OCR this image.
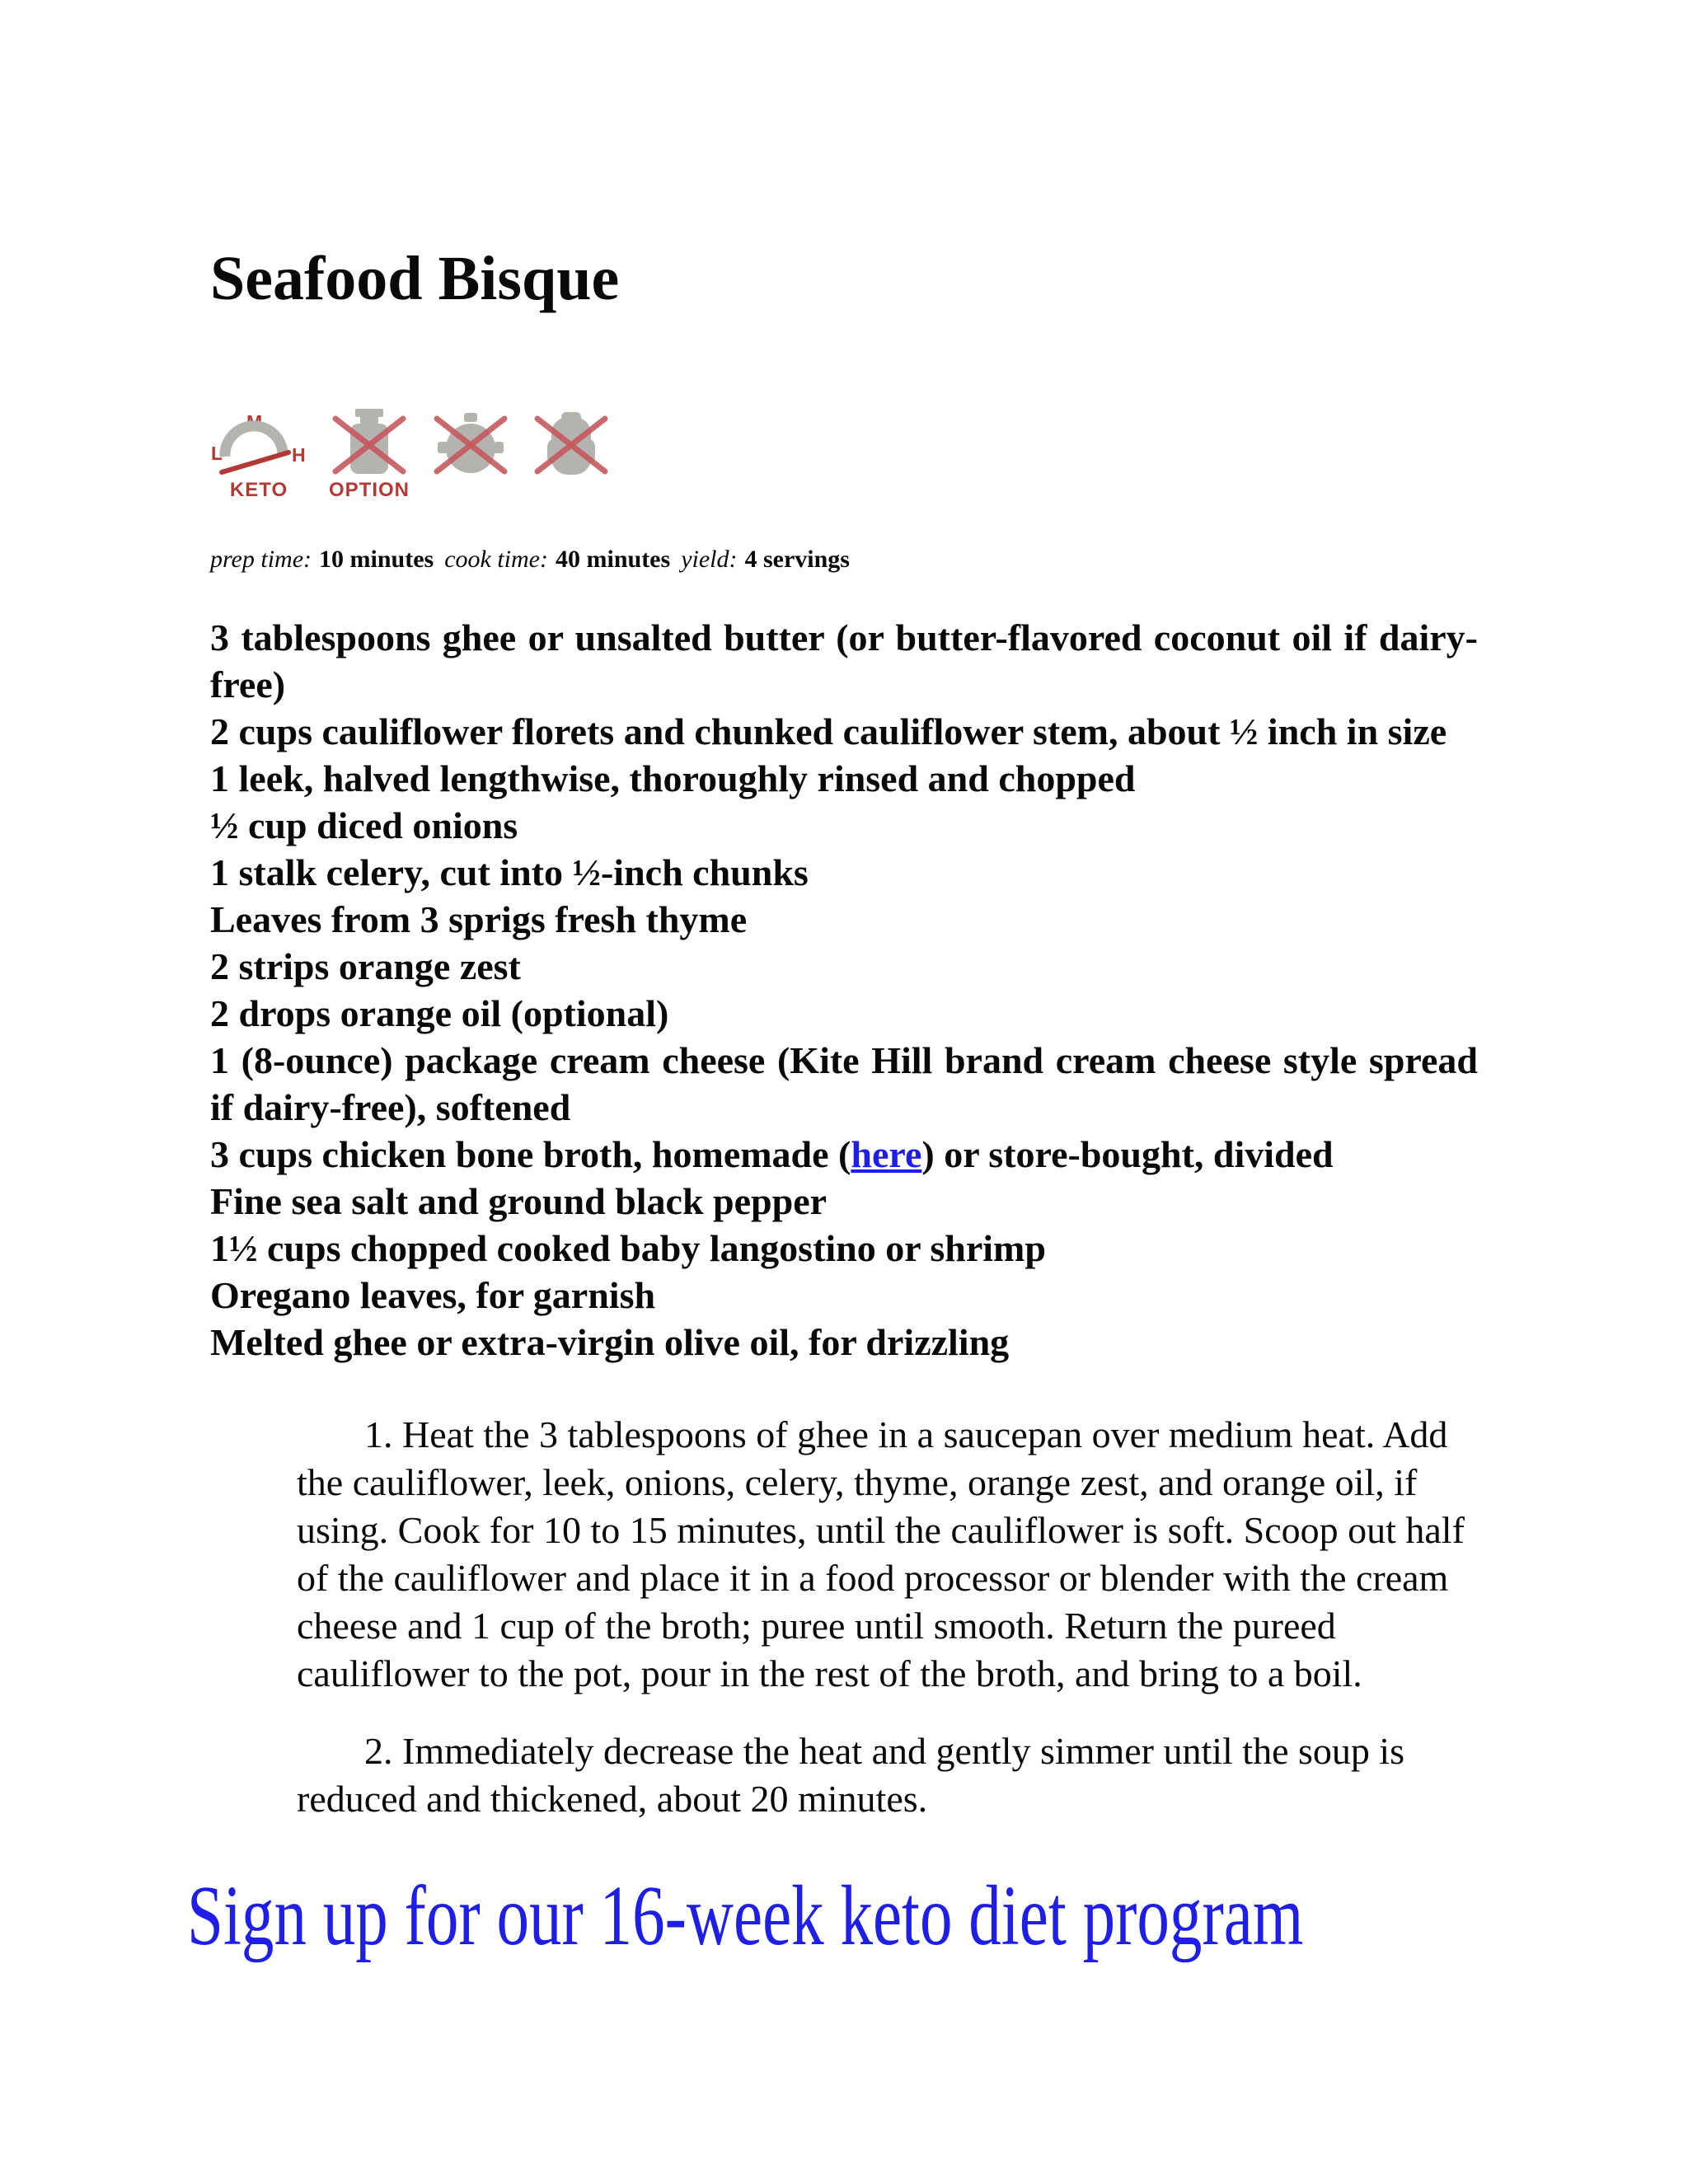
Seafood Bisque
L
M
H
KETO OPTION
prep time: 10 minutes cook time: 40 minutes yield: 4 servings
3 tablespoons ghee or unsalted butter (or butter-flavored coconut oil if dairy-free)
2 cups cauliflower florets and chunked cauliflower stem, about ½ inch in size
1 leek, halved lengthwise, thoroughly rinsed and chopped
½ cup diced onions
1 stalk celery, cut into ½-inch chunks
Leaves from 3 sprigs fresh thyme
2 strips orange zest
2 drops orange oil (optional)
1 (8-ounce) package cream cheese (Kite Hill brand cream cheese style spread if dairy-free), softened
3 cups chicken bone broth, homemade (here) or store-bought, divided
Fine sea salt and ground black pepper
1½ cups chopped cooked baby langostino or shrimp
Oregano leaves, for garnish
Melted ghee or extra-virgin olive oil, for drizzling

1. Heat the 3 tablespoons of ghee in a saucepan over medium heat. Add the cauliflower, leek, onions, celery, thyme, orange zest, and orange oil, if using. Cook for 10 to 15 minutes, until the cauliflower is soft. Scoop out half of the cauliflower and place it in a food processor or blender with the cream cheese and 1 cup of the broth; puree until smooth. Return the pureed cauliflower to the pot, pour in the rest of the broth, and bring to a boil.

2. Immediately decrease the heat and gently simmer until the soup is reduced and thickened, about 20 minutes.

Sign up for our 16-week keto diet program
